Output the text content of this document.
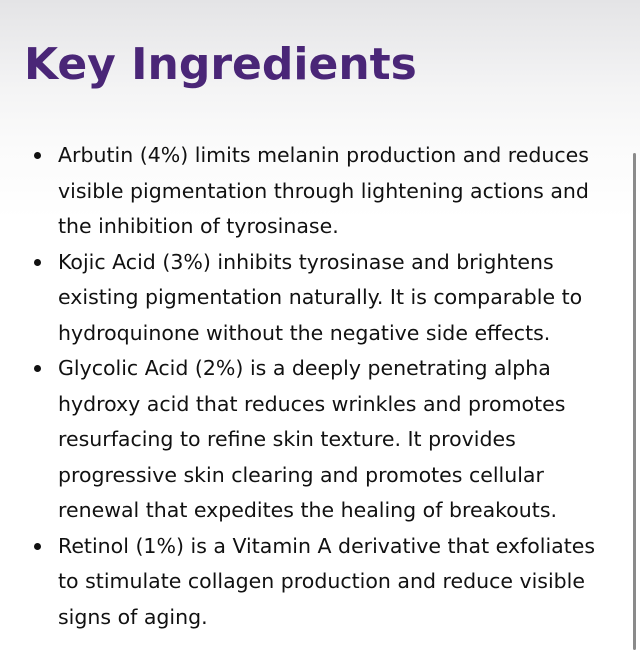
Key Ingredients
Arbutin (4%) limits melanin production and reduces visible pigmentation through lightening actions and the inhibition of tyrosinase.
Kojic Acid (3%) inhibits tyrosinase and brightens existing pigmentation naturally. It is comparable to hydroquinone without the negative side effects.
Glycolic Acid (2%) is a deeply penetrating alpha hydroxy acid that reduces wrinkles and promotes resurfacing to refine skin texture. It provides progressive skin clearing and promotes cellular renewal that expedites the healing of breakouts.
Retinol (1%) is a Vitamin A derivative that exfoliates to stimulate collagen production and reduce visible signs of aging.
